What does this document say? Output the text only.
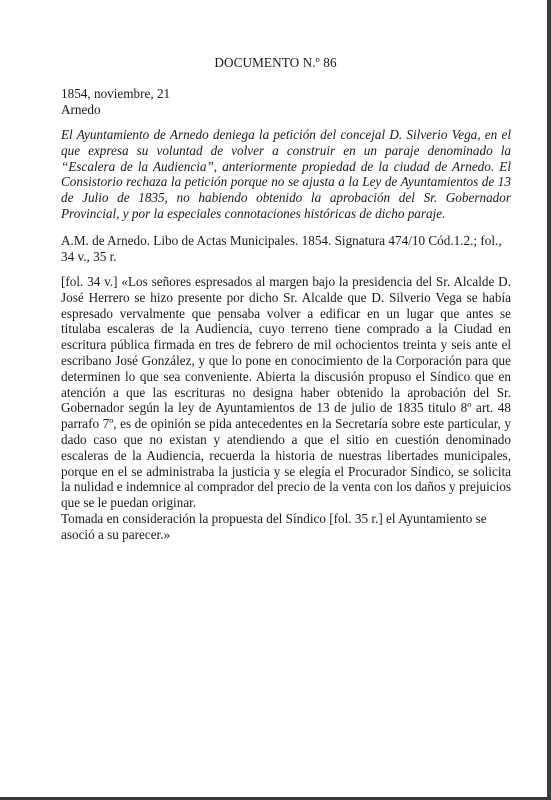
DOCUMENTO N.º 86

1854, noviembre, 21

Arnedo

El Ayuntamiento de Arnedo deniega la petición del concejal D. Silverio Vega, en el que expresa su voluntad de volver a construir en un paraje denominado la “Escalera de la Audiencia”, anteriormente propiedad de la ciudad de Arnedo. El Consistorio rechaza la petición porque no se ajusta a la Ley de Ayuntamientos de 13 de Julio de 1835, no habiendo obtenido la aprobación del Sr. Gobernador Provincial, y por la especiales connotaciones históricas de dicho paraje.

A.M. de Arnedo. Libo de Actas Municipales. 1854. Signatura 474/10 Cód.1.2.; fol., 34 v., 35 r.

[fol. 34 v.] «Los señores espresados al margen bajo la presidencia del Sr. Alcalde D. José Herrero se hizo presente por dicho Sr. Alcalde que D. Silverio Vega se había espresado vervalmente que pensaba volver a edificar en un lugar que antes se titulaba escaleras de la Audiencia, cuyo terreno tiene comprado a la Ciudad en escritura pública firmada en tres de febrero de mil ochocientos treinta y seis ante el escribano José González, y que lo pone en conocimiento de la Corporación para que determinen lo que sea conveniente. Abierta la discusión propuso el Síndico que en atención a que las escrituras no designa haber obtenido la aprobación del Sr. Gobernador según la ley de Ayuntamientos de 13 de julio de 1835 titulo 8º art. 48 parrafo 7º, es de opinión se pida antecedentes en la Secretaría sobre este particular, y dado caso que no existan y atendiendo a que el sitio en cuestión denominado escaleras de la Audiencia, recuerda la historia de nuestras libertades municipales, porque en el se administraba la justicia y se elegía el Procurador Síndico, se solicita la nulidad e indemnice al comprador del precio de la venta con los daños y prejuicios que se le puedan originar.

Tomada en consideración la propuesta del Síndico [fol. 35 r.] el Ayuntamiento se asoció a su parecer.»
